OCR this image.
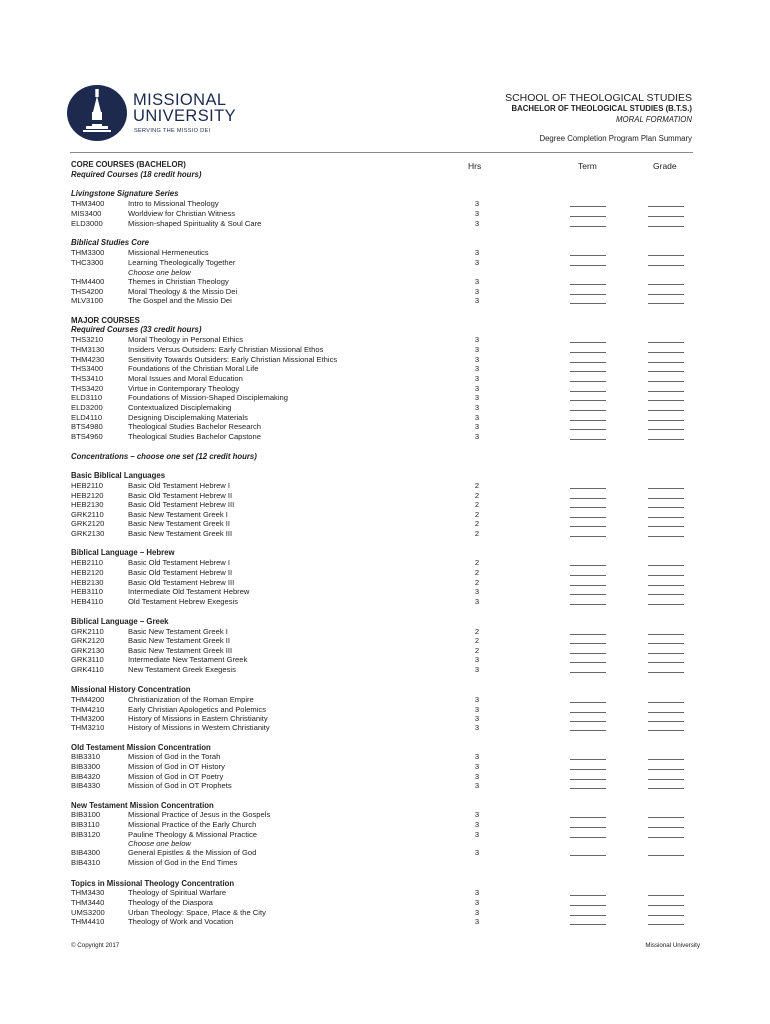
MISSIONAL
UNIVERSITY
SERVING THE MISSIO DEI
SCHOOL OF THEOLOGICAL STUDIES
BACHELOR OF THEOLOGICAL STUDIES (B.T.S.)
MORAL FORMATION
Degree Completion Program Plan Summary
Hrs	Term	Grade
CORE COURSES (BACHELOR)
Required Courses (18 credit hours)
Livingstone Signature Series
Biblical Studies Core
MAJOR COURSES
Required Courses (33 credit hours)
Concentrations – choose one set (12 credit hours)
Basic Biblical Languages
Biblical Language – Hebrew
Biblical Language – Greek
Missional History Concentration
Old Testament Mission Concentration
New Testament Mission Concentration
Topics in Missional Theology Concentration
THM3400	Intro to Missional Theology	3
MIS3400	Worldview for Christian Witness	3
ELD3000	Mission-shaped Spirituality & Soul Care	3
THM3300	Missional Hermeneutics	3
THC3300	Learning Theologically Together	3
Choose one below
THM4400	Themes in Christian Theology	3
THS4200	Moral Theology & the Missio Dei	3
MLV3100	The Gospel and the Missio Dei	3
THS3210	Moral Theology in Personal Ethics	3
THM3130	Insiders Versus Outsiders: Early Christian Missional Ethos	3
THM4230	Sensitivity Towards Outsiders: Early Christian Missional Ethics	3
THS3400	Foundations of the Christian Moral Life	3
THS3410	Moral Issues and Moral Education	3
THS3420	Virtue in Contemporary Theology	3
ELD3110	Foundations of Mission-Shaped Disciplemaking	3
ELD3200	Contextualized Disciplemaking	3
ELD4110	Designing Disciplemaking Materials	3
BTS4980	Theological Studies Bachelor Research	3
BTS4960	Theological Studies Bachelor Capstone	3
HEB2110	Basic Old Testament Hebrew I	2
HEB2120	Basic Old Testament Hebrew II	2
HEB2130	Basic Old Testament Hebrew III	2
GRK2110	Basic New Testament Greek I	2
GRK2120	Basic New Testament Greek II	2
GRK2130	Basic New Testament Greek III	2
HEB2110	Basic Old Testament Hebrew I	2
HEB2120	Basic Old Testament Hebrew II	2
HEB2130	Basic Old Testament Hebrew III	2
HEB3110	Intermediate Old Testament Hebrew	3
HEB4110	Old Testament Hebrew Exegesis	3
GRK2110	Basic New Testament Greek I	2
GRK2120	Basic New Testament Greek II	2
GRK2130	Basic New Testament Greek III	2
GRK3110	Intermediate New Testament Greek	3
GRK4110	New Testament Greek Exegesis	3
THM4200	Christianization of the Roman Empire	3
THM4210	Early Christian Apologetics and Polemics	3
THM3200	History of Missions in Eastern Christianity	3
THM3210	History of Missions in Western Christianity	3
BIB3310	Mission of God in the Torah	3
BIB3300	Mission of God in OT History	3
BIB4320	Mission of God in OT Poetry	3
BIB4330	Mission of God in OT Prophets	3
BIB3100	Missional Practice of Jesus in the Gospels	3
BIB3110	Missional Practice of the Early Church	3
BIB3120	Pauline Theology & Missional Practice	3
Choose one below
BIB4300	General Epistles & the Mission of God	3
BIB4310	Mission of God in the End Times
THM3430	Theology of Spiritual Warfare	3
THM3440	Theology of the Diaspora	3
UMS3200	Urban Theology: Space, Place & the City	3
THM4410	Theology of Work and Vocation	3
© Copyright 2017	Missional University
